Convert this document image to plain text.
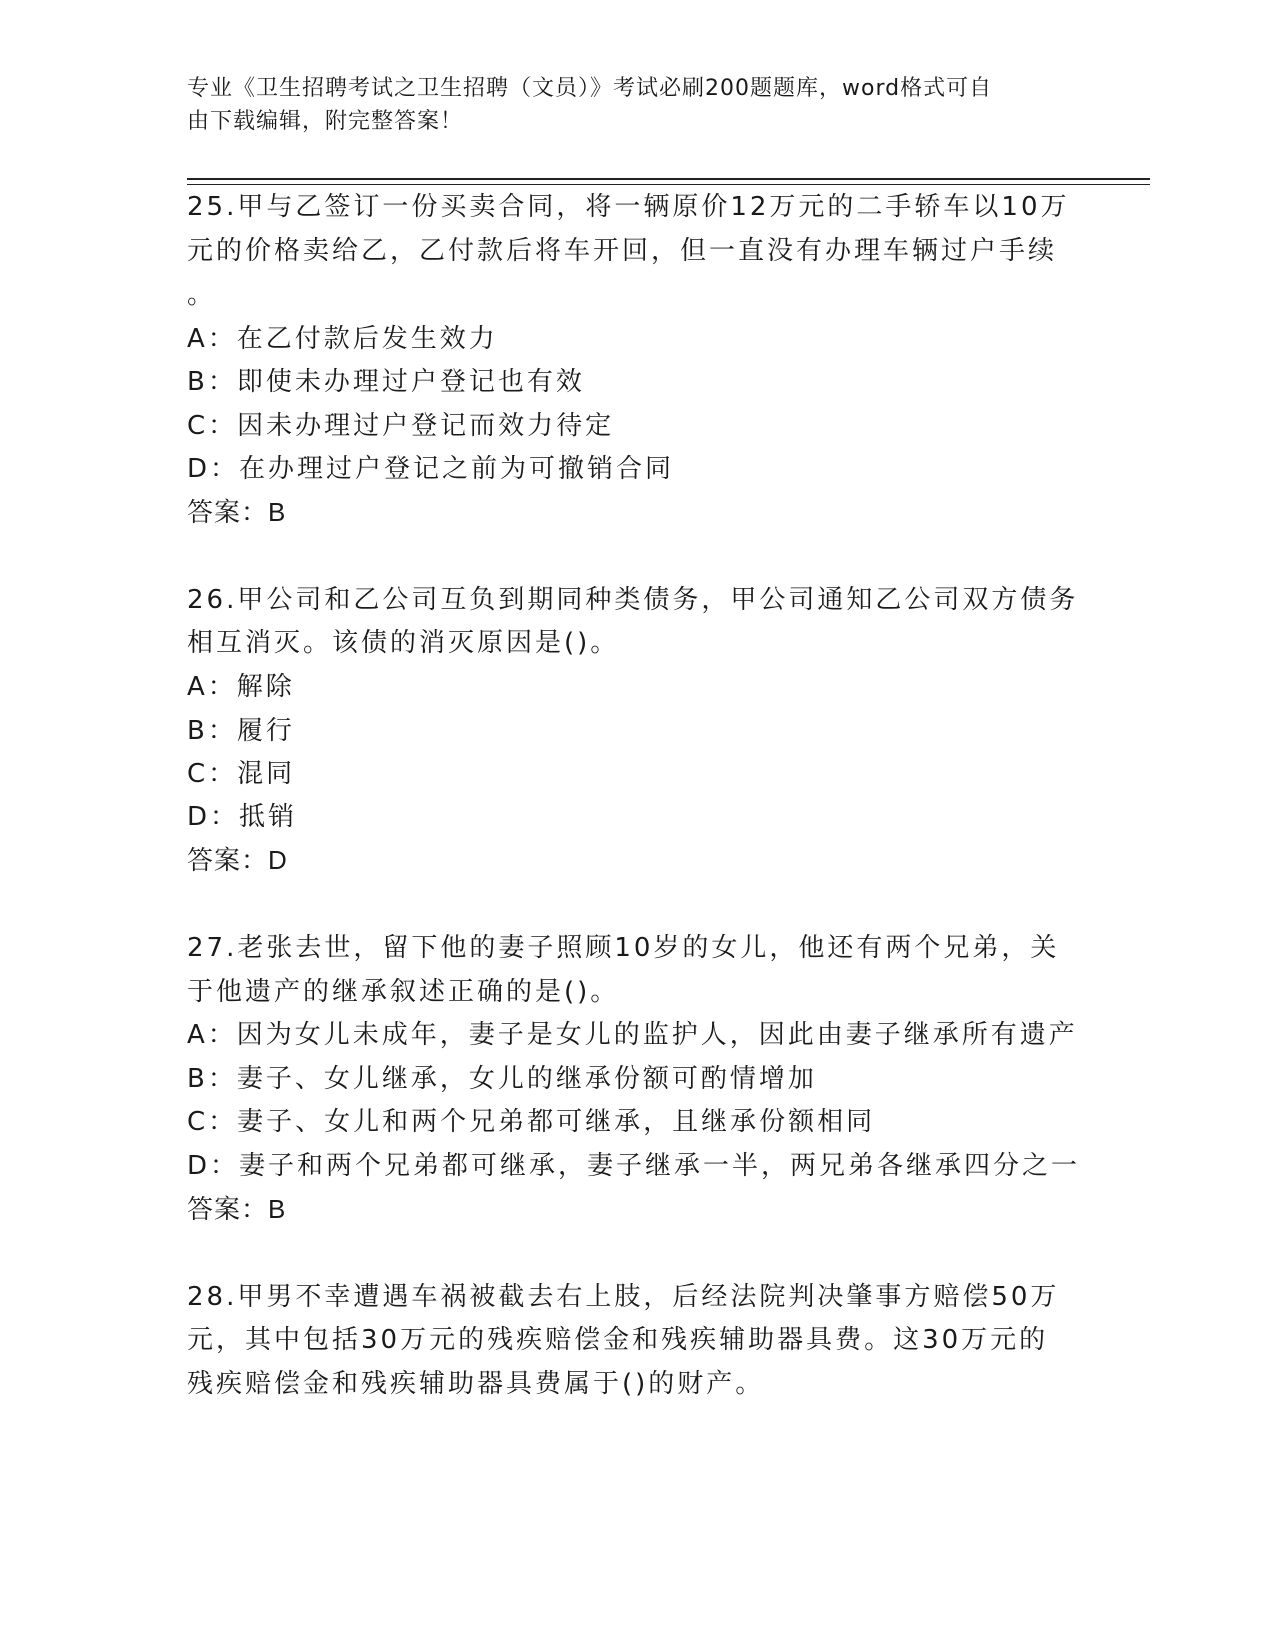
专业《卫生招聘考试之卫生招聘（文员）》考试必刷200题题库，word格式可自
由下载编辑，附完整答案！
25.甲与乙签订一份买卖合同，将一辆原价12万元的二手轿车以10万
元的价格卖给乙，乙付款后将车开回，但一直没有办理车辆过户手续
。
A：在乙付款后发生效力
B：即使未办理过户登记也有效
C：因未办理过户登记而效力待定
D：在办理过户登记之前为可撤销合同
答案：B
26.甲公司和乙公司互负到期同种类债务，甲公司通知乙公司双方债务
相互消灭。该债的消灭原因是()。
A：解除
B：履行
C：混同
D：抵销
答案：D
27.老张去世，留下他的妻子照顾10岁的女儿，他还有两个兄弟，关
于他遗产的继承叙述正确的是()。
A：因为女儿未成年，妻子是女儿的监护人，因此由妻子继承所有遗产
B：妻子、女儿继承，女儿的继承份额可酌情增加
C：妻子、女儿和两个兄弟都可继承，且继承份额相同
D：妻子和两个兄弟都可继承，妻子继承一半，两兄弟各继承四分之一
答案：B
28.甲男不幸遭遇车祸被截去右上肢，后经法院判决肇事方赔偿50万
元，其中包括30万元的残疾赔偿金和残疾辅助器具费。这30万元的
残疾赔偿金和残疾辅助器具费属于()的财产。
